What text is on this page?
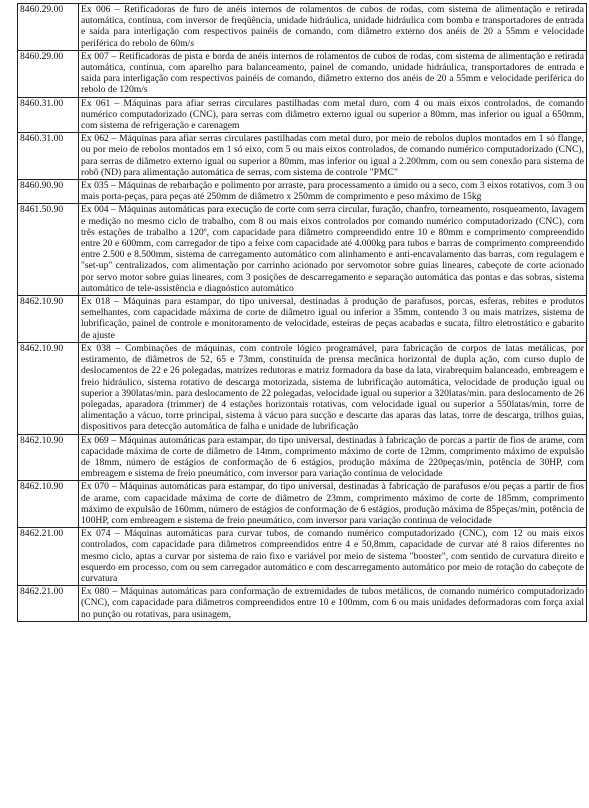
8460.29.00	Ex 006 – Retificadoras de furo de anéis internos de rolamentos de cubos de rodas, com sistema de alimentação e retirada automática, contínua, com inversor de freqüência, unidade hidráulica, unidade hidráulica com bomba e transportadores de entrada e saída para interligação com respectivos painéis de comando, com diâmetro externo dos anéis de 20 a 55mm e velocidade periférica do rebolo de 60m/s
8460.29.00	Ex 007 – Retificadoras de pista e borda de anéis internos de rolamentos de cubos de rodas, com sistema de alimentação e retirada automática, contínua, com aparelho para balanceamento, painel de comando, unidade hidráulica, transportadores de entrada e saída para interligação com respectivos painéis de comando, diâmetro externo dos anéis de 20 a 55mm e velocidade periférica do rebolo de 120m/s
8460.31.00	Ex 061 – Máquinas para afiar serras circulares pastilhadas com metal duro, com 4 ou mais eixos controlados, de comando numérico computadorizado (CNC), para serras com diâmetro externo igual ou superior a 80mm, mas inferior ou igual a 650mm, com sistema de refrigeração e carenagem
8460.31.00	Ex 062 – Máquinas para afiar serras circulares pastilhadas com metal duro, por meio de rebolos duplos montados em 1 só flange, ou por meio de rebolos montados em 1 só eixo, com 5 ou mais eixos controlados, de comando numérico computadorizado (CNC), para serras de diâmetro externo igual ou superior a 80mm, mas inferior ou igual a 2.200mm, com ou sem conexão para sistema de robô (ND) para alimentação automática de serras, com sistema de controle "PMC"
8460.90.90	Ex 035 – Máquinas de rebarbação e polimento por arraste, para processamento a úmido ou a seco, com 3 eixos rotativos, com 3 ou mais porta-peças, para peças até 250mm de diâmetro x 250mm de comprimento e peso máximo de 15kg
8461.50.90	Ex 004 – Máquinas automáticas para execução de corte com serra circular, furação, chanfro, torneamento, rosqueamento, lavagem e medição no mesmo ciclo de trabalho, com 8 ou mais eixos controlados por comando numérico computadorizado (CNC), com três estações de trabalho a 120º, com capacidade para diâmetro compreendido entre 10 e 80mm e comprimento compreendido entre 20 e 600mm, com carregador de tipo a feixe com capacidade até 4.000kg para tubos e barras de comprimento compreendido entre 2.500 e 8.500mm, sistema de carregamento automático com alinhamento e anti-encavalamento das barras, com regulagem e "set-up" centralizados, com alimentação por carrinho acionado por servomotor sobre guias lineares, cabeçote de corte acionado por servo motor sobre guias lineares, com 3 posições de descarregamento e separação automática das pontas e das sobras, sistema automático de tele-assistência e diagnóstico automático
8462.10.90	Ex 018 – Máquinas para estampar, do tipo universal, destinadas à produção de parafusos, porcas, esferas, rebites e produtos semelhantes, com capacidade máxima de corte de diâmetro igual ou inferior a 35mm, contendo 3 ou mais matrizes, sistema de lubrificação, painel de controle e monitoramento de velocidade, esteiras de peças acabadas e sucata, filtro eletrostático e gabarito de ajuste
8462.10.90	Ex 038 – Combinações de máquinas, com controle lógico programável, para fabricação de corpos de latas metálicas, por estiramento, de diâmetros de 52, 65 e 73mm, constituída de prensa mecânica horizontal de dupla ação, com curso duplo de deslocamentos de 22 e 26 polegadas, matrizes redutoras e matriz formadora da base da lata, virabrequim balanceado, embreagem e freio hidráulico, sistema rotativo de descarga motorizada, sistema de lubrificação automática, velocidade de produção igual ou superior a 390latas/min. para deslocamento de 22 polegadas, velocidade igual ou superior a 320latas/min. para deslocamento de 26 polegadas, aparadora (trimmer) de 4 estações horizontais rotativas, com velocidade igual ou superior a 550latas/min, torre de alimentação a vácuo, torre principal, sistema à vácuo para sucção e descarte das aparas das latas, torre de descarga, trilhos guias, dispositivos para detecção automática de falha e unidade de lubrificação
8462.10.90	Ex 069 – Máquinas automáticas para estampar, do tipo universal, destinadas à fabricação de porcas a partir de fios de arame, com capacidade máxima de corte de diâmetro de 14mm, comprimento máximo de corte de 12mm, comprimento máximo de expulsão de 18mm, número de estágios de conformação de 6 estágios, produção máxima de 220peças/min, potência de 30HP, com embreagem e sistema de freio pneumático, com inversor para variação contínua de velocidade
8462.10.90	Ex 070 – Máquinas automáticas para estampar, do tipo universal, destinadas à fabricação de parafusos e/ou peças a partir de fios de arame, com capacidade máxima de corte de diâmetro de 23mm, comprimento máximo de corte de 185mm, comprimento máximo de expulsão de 160mm, número de estágios de conformação de 6 estágios, produção máxima de 85peças/min, potência de 100HP, com embreagem e sistema de freio pneumático, com inversor para variação contínua de velocidade
8462.21.00	Ex 074 – Máquinas automáticas para curvar tubos, de comando numérico computadorizado (CNC), com 12 ou mais eixos controlados, com capacidade para diâmetros compreendidos entre 4 e 50,8mm, capacidade de curvar até 8 raios diferentes no mesmo ciclo, aptas a curvar por sistema de raio fixo e variável por meio de sistema "booster", com sentido de curvatura direito e esquerdo em processo, com ou sem carregador automático e com descarregamento automático por meio de rotação do cabeçote de curvatura
8462.21.00	Ex 080 – Máquinas automáticas para conformação de extremidades de tubos metálicos, de comando numérico computadorizado (CNC), com capacidade para diâmetros compreendidos entre 10 e 100mm, com 6 ou mais unidades deformadoras com força axial no punção ou rotativas, para usinagem,
